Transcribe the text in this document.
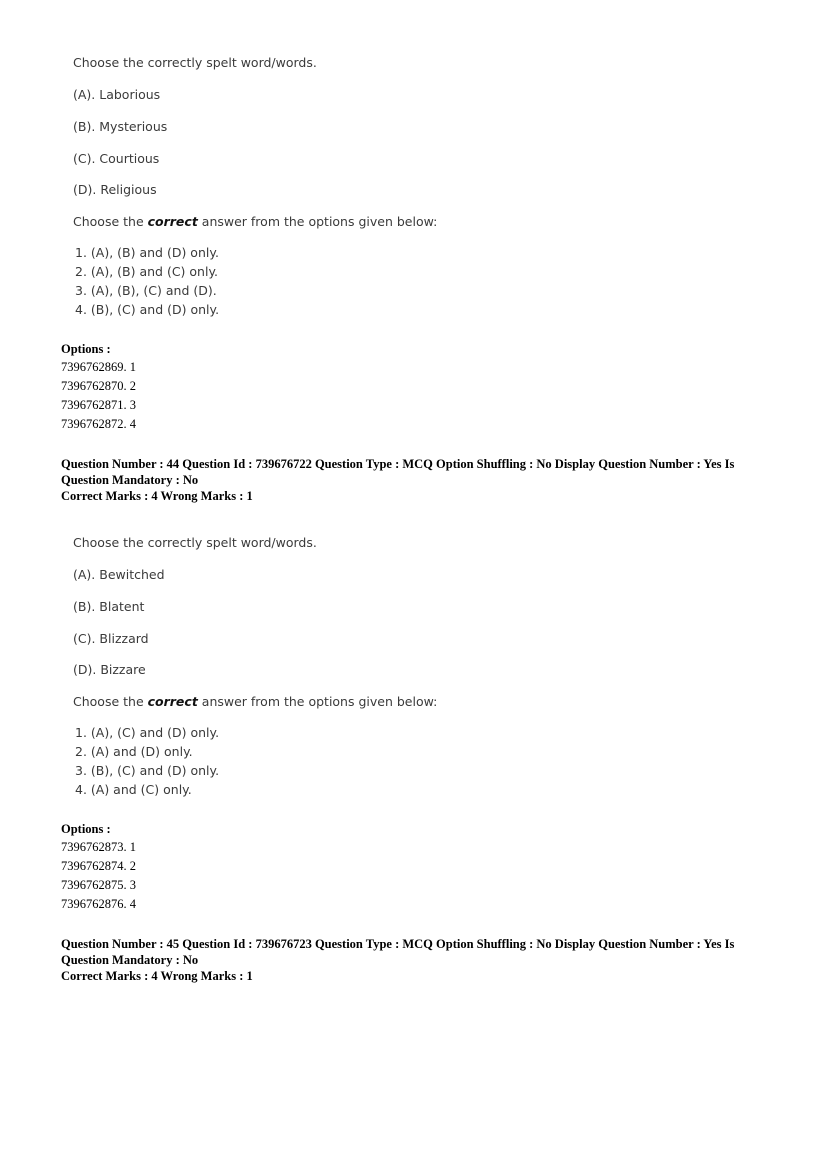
Choose the correctly spelt word/words.
(A). Laborious
(B). Mysterious
(C). Courtious
(D). Religious
Choose the correct answer from the options given below:
1. (A), (B) and (D) only.
2. (A), (B) and (C) only.
3. (A), (B), (C) and (D).
4. (B), (C) and (D) only.
Options :
7396762869. 1
7396762870. 2
7396762871. 3
7396762872. 4
Question Number : 44 Question Id : 739676722 Question Type : MCQ Option Shuffling : No Display Question Number : Yes Is
Question Mandatory : No
Correct Marks : 4 Wrong Marks : 1
Choose the correctly spelt word/words.
(A). Bewitched
(B). Blatent
(C). Blizzard
(D). Bizzare
Choose the correct answer from the options given below:
1. (A), (C) and (D) only.
2. (A) and (D) only.
3. (B), (C) and (D) only.
4. (A) and (C) only.
Options :
7396762873. 1
7396762874. 2
7396762875. 3
7396762876. 4
Question Number : 45 Question Id : 739676723 Question Type : MCQ Option Shuffling : No Display Question Number : Yes Is
Question Mandatory : No
Correct Marks : 4 Wrong Marks : 1
